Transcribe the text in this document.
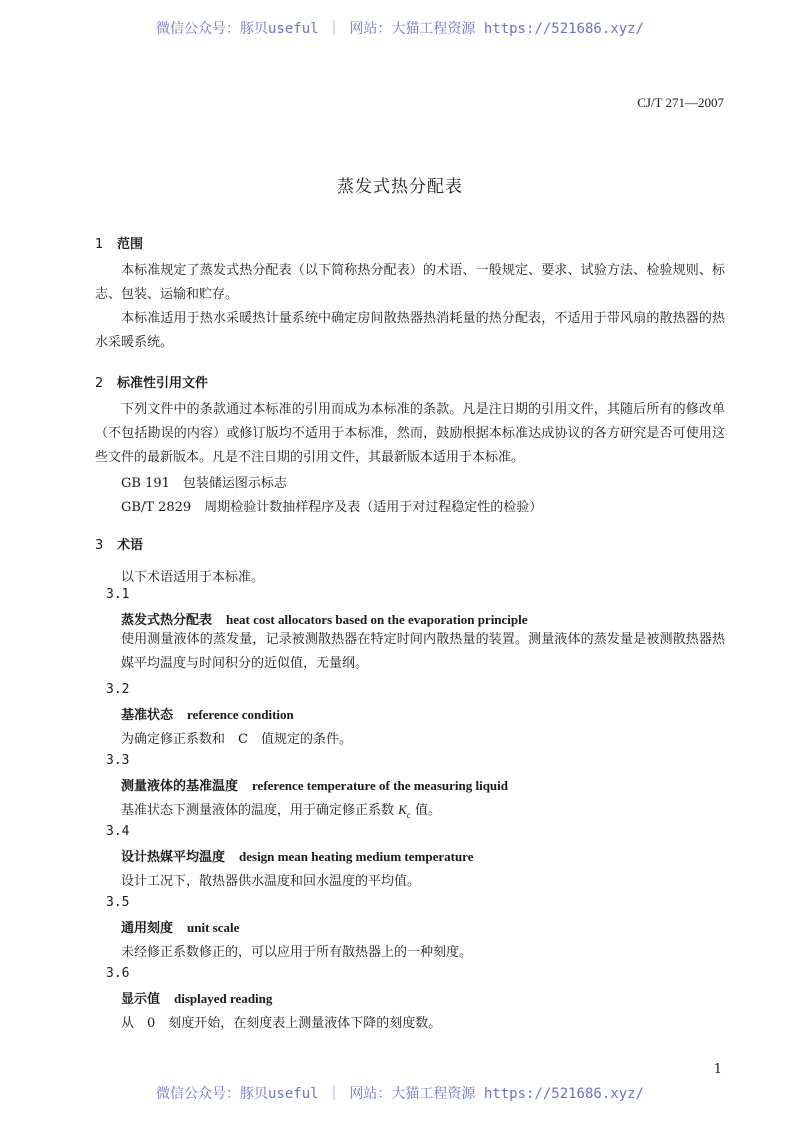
微信公众号：豚贝useful ｜ 网站：大猫工程资源 https://521686.xyz/
CJ/T 271—2007
蒸发式热分配表
1 范围
本标准规定了蒸发式热分配表（以下简称热分配表）的术语、一般规定、要求、试验方法、检验规则、标志、包装、运输和贮存。
本标准适用于热水采暖热计量系统中确定房间散热器热消耗量的热分配表，不适用于带风扇的散热器的热水采暖系统。
2 标准性引用文件
下列文件中的条款通过本标准的引用而成为本标准的条款。凡是注日期的引用文件，其随后所有的修改单（不包括勘误的内容）或修订版均不适用于本标准，然而，鼓励根据本标准达成协议的各方研究是否可使用这些文件的最新版本。凡是不注日期的引用文件，其最新版本适用于本标准。
GB 191　包装储运图示标志
GB/T 2829　周期检验计数抽样程序及表（适用于对过程稳定性的检验）
3 术语
以下术语适用于本标准。
3.1
蒸发式热分配表 heat cost allocators based on the evaporation principle
使用测量液体的蒸发量，记录被测散热器在特定时间内散热量的装置。测量液体的蒸发量是被测散热器热媒平均温度与时间积分的近似值，无量纲。
3.2
基准状态 reference condition
为确定修正系数和　C　值规定的条件。
3.3
测量液体的基准温度 reference temperature of the measuring liquid
基准状态下测量液体的温度，用于确定修正系数 $K_c$ 值。
3.4
设计热媒平均温度 design mean heating medium temperature
设计工况下，散热器供水温度和回水温度的平均值。
3.5
通用刻度 unit scale
未经修正系数修正的，可以应用于所有散热器上的一种刻度。
3.6
显示值 displayed reading
从　0　刻度开始，在刻度表上测量液体下降的刻度数。
1
微信公众号：豚贝useful ｜ 网站：大猫工程资源 https://521686.xyz/
